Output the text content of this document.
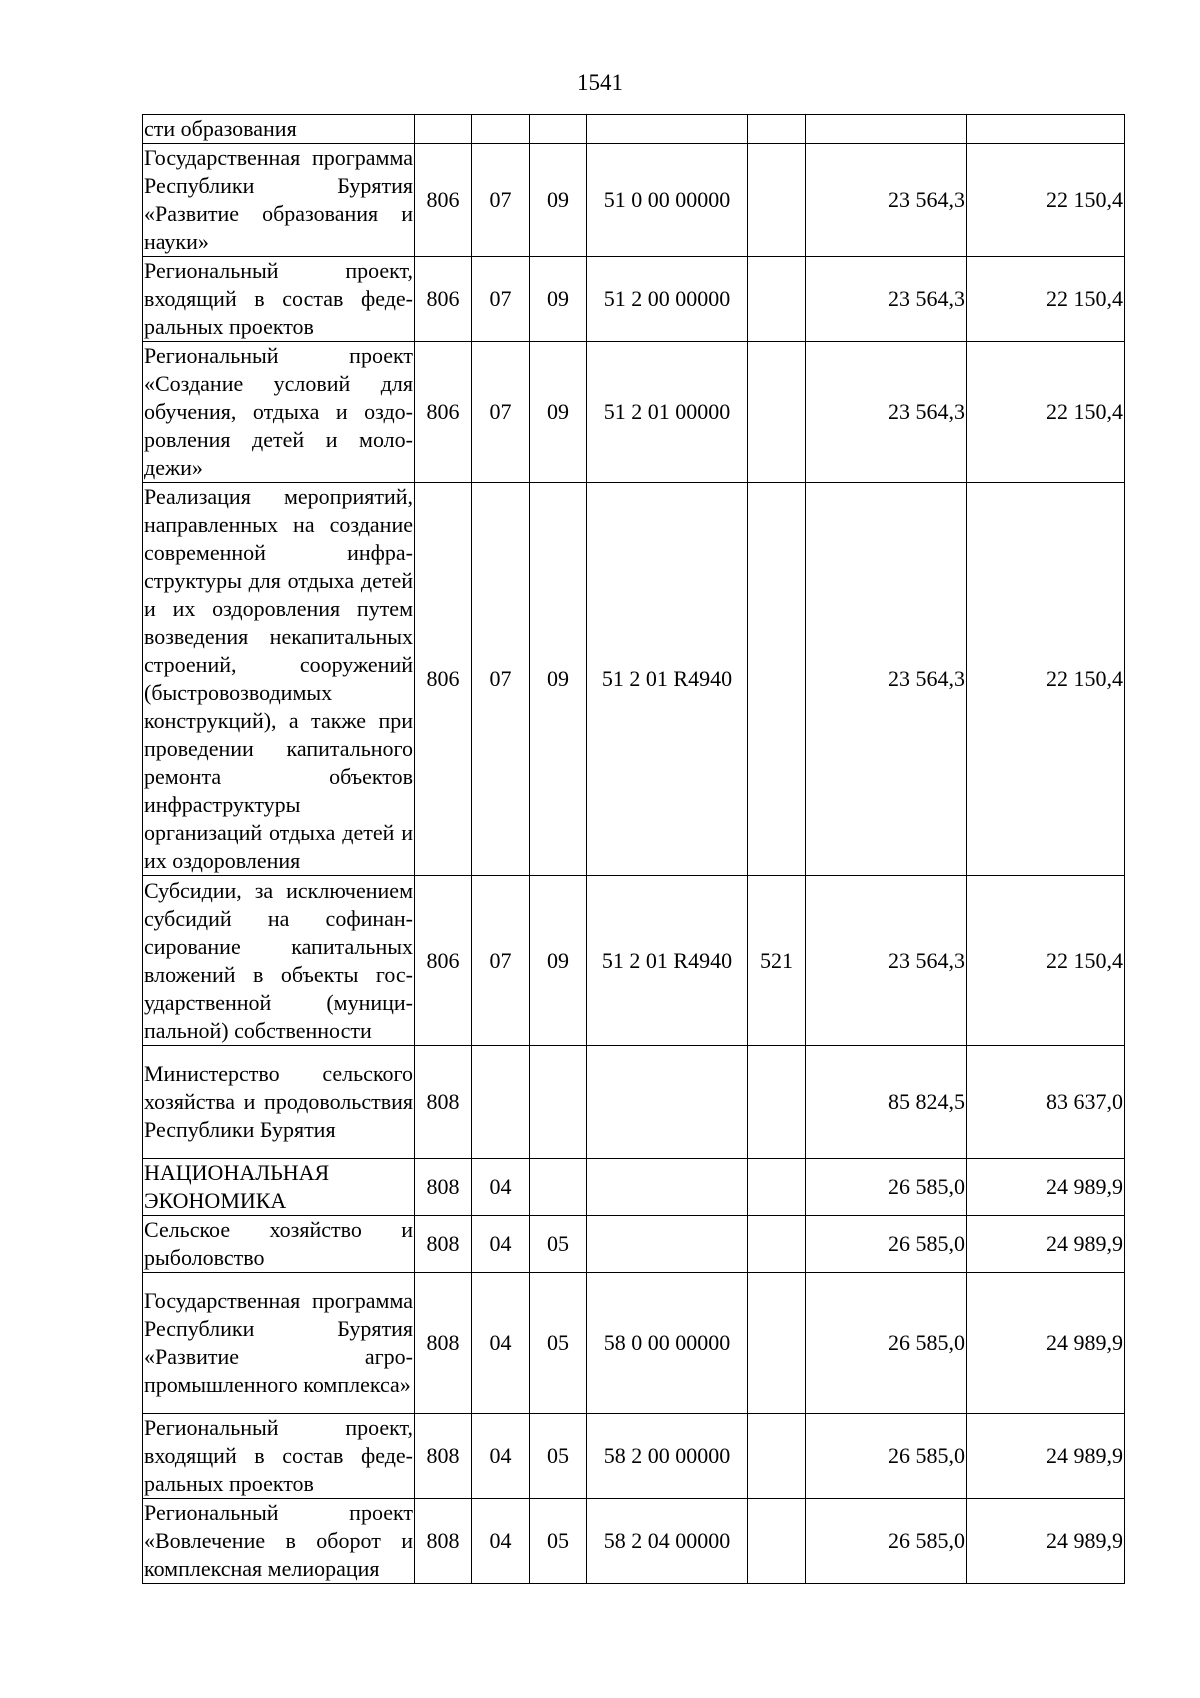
1541
сти образования							
Государственная программа Республики Бурятия «Развитие образования и науки»	806	07	09	51 0 00 00000		23 564,3	22 150,4
Региональный проект, входящий в состав федеральных проектов	806	07	09	51 2 00 00000		23 564,3	22 150,4
Региональный проект «Создание условий для обучения, отдыха и оздоровления детей и молодежи»	806	07	09	51 2 01 00000		23 564,3	22 150,4
Реализация мероприятий, направленных на создание современной инфраструктуры для отдыха детей и их оздоровления путем возведения некапитальных строений, сооружений (быстровозводимых конструкций), а также при проведении капитального ремонта объектов инфраструктуры организаций отдыха детей и их оздоровления	806	07	09	51 2 01 R4940		23 564,3	22 150,4
Субсидии, за исключением субсидий на софинансирование капитальных вложений в объекты государственной (муниципальной) собственности	806	07	09	51 2 01 R4940	521	23 564,3	22 150,4
Министерство сельского хозяйства и продовольствия Республики Бурятия	808					85 824,5	83 637,0
НАЦИОНАЛЬНАЯ ЭКОНОМИКА	808	04				26 585,0	24 989,9
Сельское хозяйство и рыболовство	808	04	05			26 585,0	24 989,9
Государственная программа Республики Бурятия «Развитие агропромышленного комплекса»	808	04	05	58 0 00 00000		26 585,0	24 989,9
Региональный проект, входящий в состав федеральных проектов	808	04	05	58 2 00 00000		26 585,0	24 989,9
Региональный проект «Вовлечение в оборот и комплексная мелиорация	808	04	05	58 2 04 00000		26 585,0	24 989,9
